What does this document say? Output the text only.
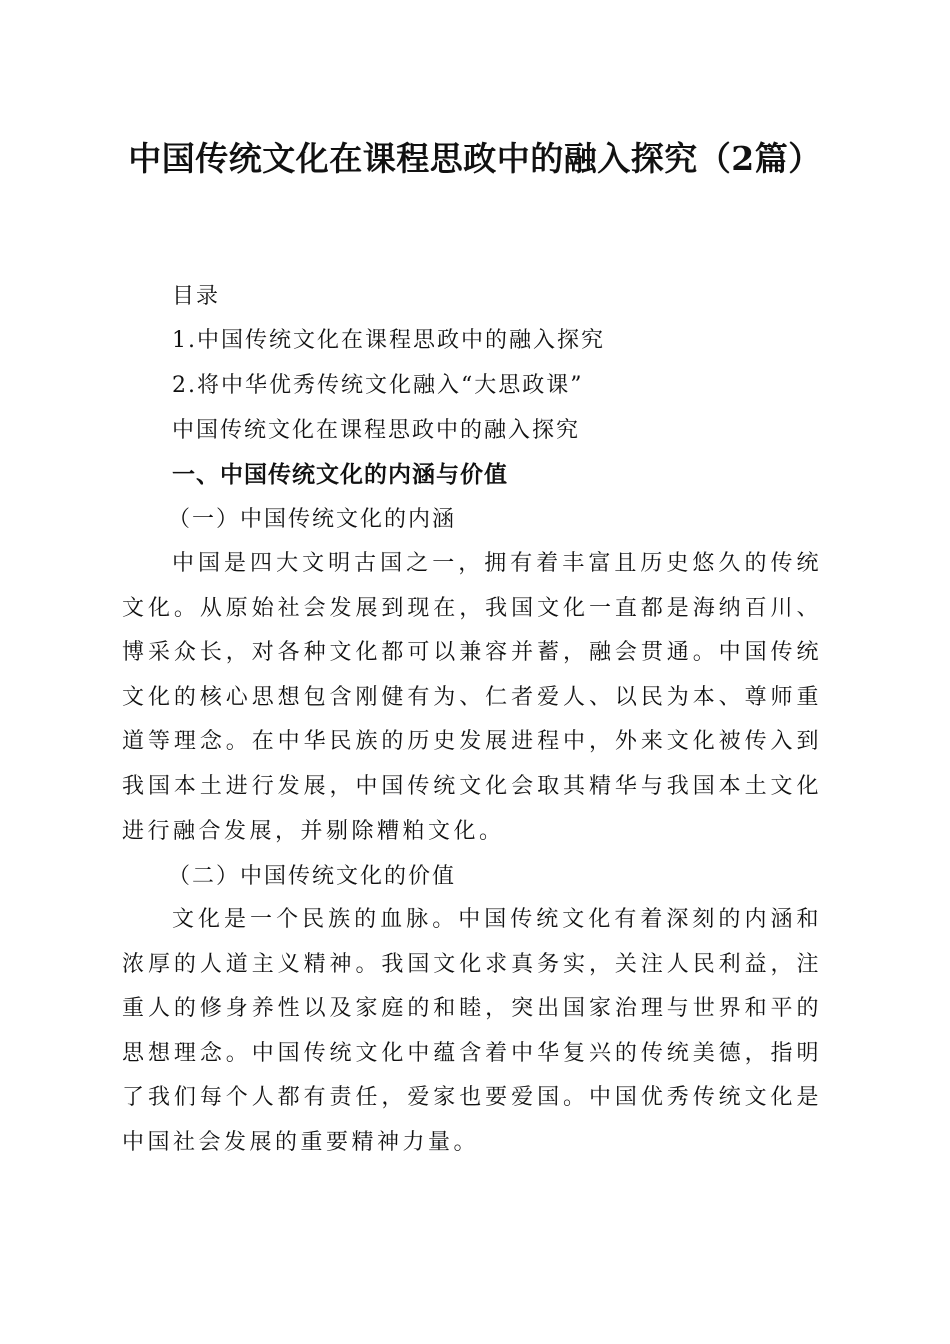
中国传统文化在课程思政中的融入探究（2篇）
目录
1.中国传统文化在课程思政中的融入探究
2.将中华优秀传统文化融入“大思政课”
中国传统文化在课程思政中的融入探究
一、中国传统文化的内涵与价值
（一）中国传统文化的内涵

中国是四大文明古国之一，拥有着丰富且历史悠久的传统文化。从原始社会发展到现在，我国文化一直都是海纳百川、博采众长，对各种文化都可以兼容并蓄，融会贯通。中国传统文化的核心思想包含刚健有为、仁者爱人、以民为本、尊师重道等理念。在中华民族的历史发展进程中，外来文化被传入到我国本土进行发展，中国传统文化会取其精华与我国本土文化进行融合发展，并剔除糟粕文化。

（二）中国传统文化的价值

文化是一个民族的血脉。中国传统文化有着深刻的内涵和浓厚的人道主义精神。我国文化求真务实，关注人民利益，注重人的修身养性以及家庭的和睦，突出国家治理与世界和平的思想理念。中国传统文化中蕴含着中华复兴的传统美德，指明了我们每个人都有责任，爱家也要爱国。中国优秀传统文化是中国社会发展的重要精神力量。
